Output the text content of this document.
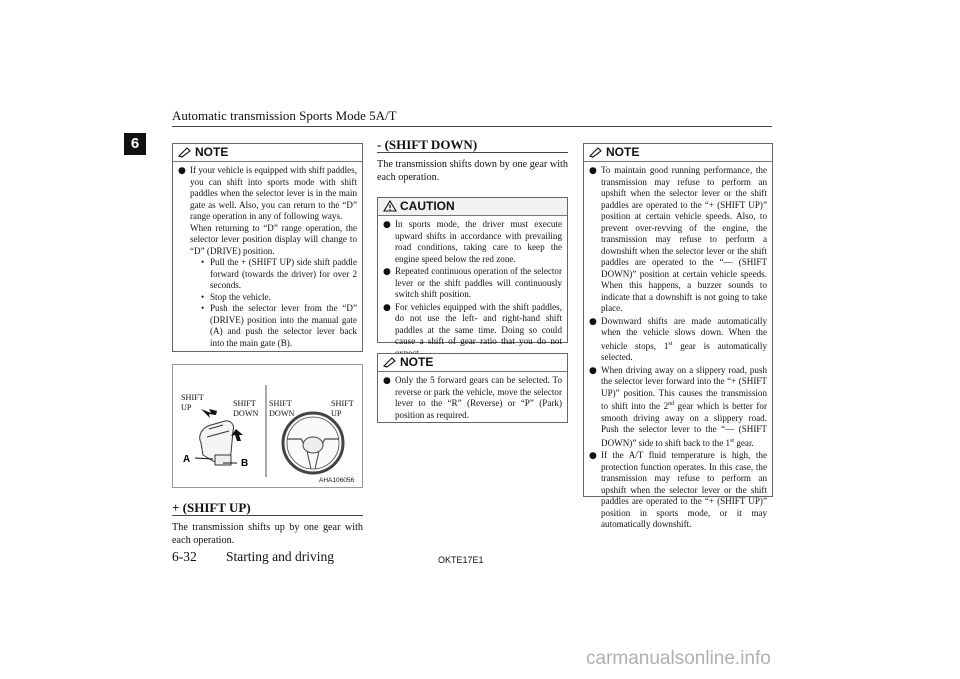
Automatic transmission Sports Mode 5A/T
6	NOTE
● If your vehicle is equipped with shift paddles, you can shift into sports mode with shift paddles when the selector lever is in the main gate as well. Also, you can return to the “D” range operation in any of following ways.
When returning to “D” range operation, the selector lever position display will change to “D” (DRIVE) position.
• Pull the + (SHIFT UP) side shift paddle forward (towards the driver) for over 2 seconds.
• Stop the vehicle.
• Push the selector lever from the “D” (DRIVE) position into the manual gate (A) and push the selector lever back into the main gate (B).
A	B
SHIFT UP	SHIFT DOWN
SHIFT DOWN
SHIFT UP
AHA106056
+ (SHIFT UP)
The transmission shifts up by one gear with each operation.
- (SHIFT DOWN)
The transmission shifts down by one gear with each operation.
CAUTION
● In sports mode, the driver must execute upward shifts in accordance with prevailing road conditions, taking care to keep the engine speed below the red zone.
● Repeated continuous operation of the selector lever or the shift paddles will continuously switch shift position.
● For vehicles equipped with the shift paddles, do not use the left- and right-hand shift paddles at the same time. Doing so could cause a shift of gear ratio that you do not
NOTE
● Only the 5 forward gears can be selected. To reverse or park the vehicle, move the selector lever to the “R” (Reverse) or “P” (Park) position as required.
NOTE
● To maintain good running performance, the transmission may refuse to perform an upshift when the selector lever or the shift paddles are operated to the “+ (SHIFT UP)” position at certain vehicle speeds. Also, to prevent over-revving of the engine, the transmission may refuse to perform a downshift when the selector lever or the shift paddles are operated to the “— (SHIFT DOWN)” position at certain vehicle speeds. When this happens, a buzzer sounds to indicate that a downshift is not going to take place.
● Downward shifts are made automatically when the vehicle slows down. When the vehicle stops, 1st gear is automatically selected.
● When driving away on a slippery road, push the selector lever forward into the “+ (SHIFT UP)” position. This causes the transmission to shift into the 2nd gear which is better for smooth driving away on a slippery road. Push the selector lever to the “— (SHIFT DOWN)” side to shift back to the 1st gear.
● If the A/T fluid temperature is high, the protection function operates. In this case, the transmission may refuse to perform an upshift when the selector lever or the shift paddles are operated to the “+ (SHIFT UP)” position in sports mode, or it may automatically downshift.
6-32 Starting and driving	OKTE17E1
carmanualsonline.info
